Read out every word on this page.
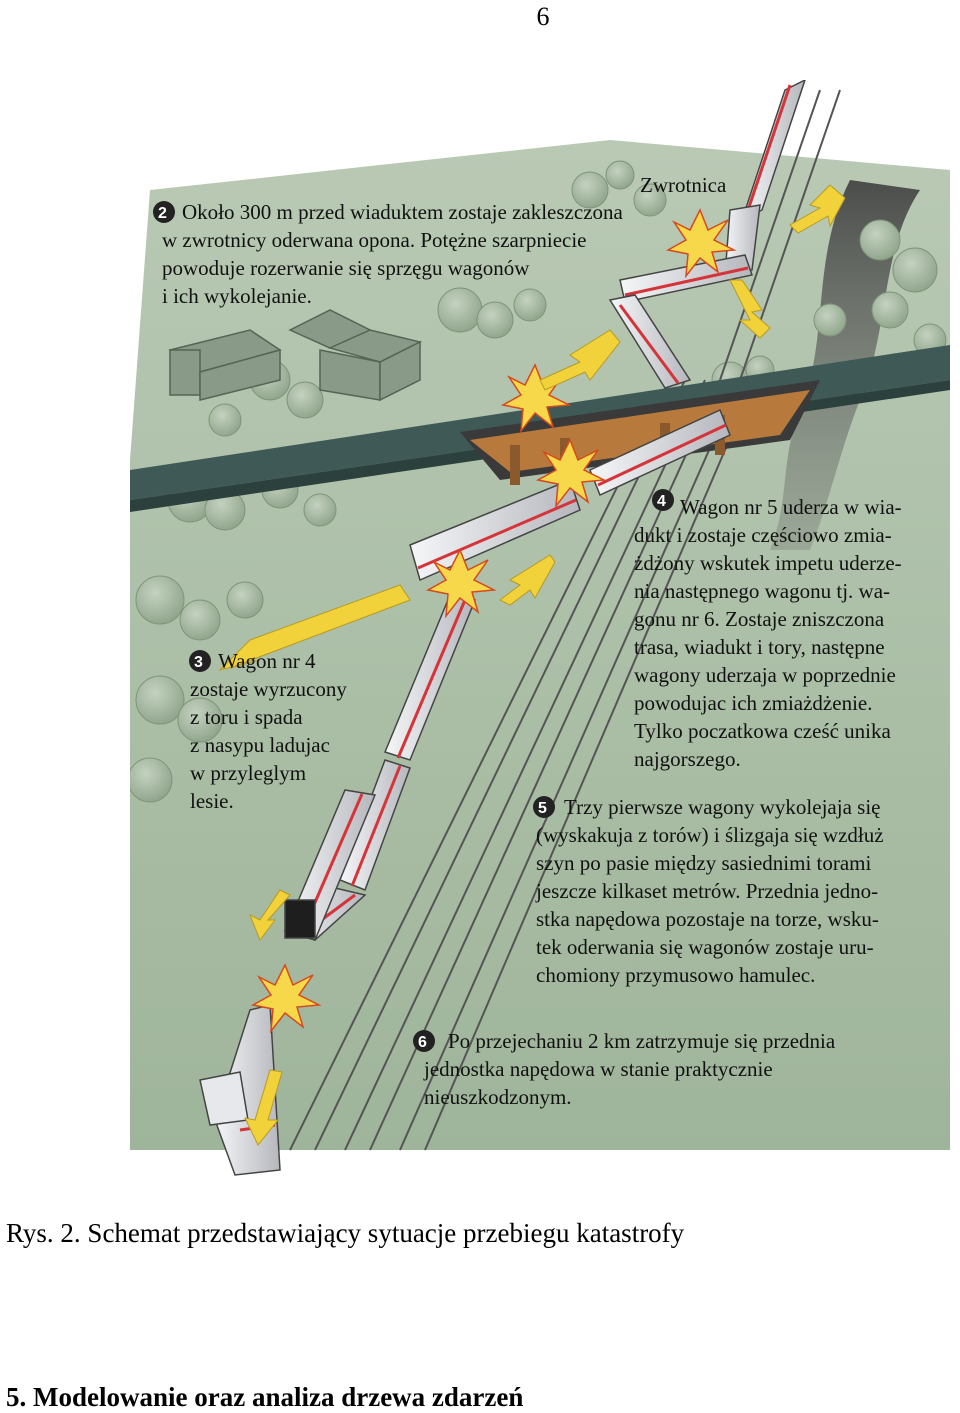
6
Zwrotnica
2 Około 300 m przed wiaduktem zostaje zakleszczona
w zwrotnicy oderwana opona. Potężne szarpniecie
powoduje rozerwanie się sprzęgu wagonów
i ich wykolejanie.
3 Wagon nr 4
zostaje wyrzucony
z toru i spada
z nasypu ladujac
w przyleglym
lesie.
4 Wagon nr 5 uderza w wia-
dukt i zostaje częściowo zmia-
żdżony wskutek impetu uderze-
nia następnego wagonu tj. wa-
gonu nr 6. Zostaje zniszczona
trasa, wiadukt i tory, następne
wagony uderzaja w poprzednie
powodujac ich zmiażdżenie.
Tylko poczatkowa cześć unika
najgorszego.
5 Trzy pierwsze wagony wykolejaja się
(wyskakuja z torów) i ślizgaja się wzdłuż
szyn po pasie między sasiednimi torami
jeszcze kilkaset metrów. Przednia jedno-
stka napędowa pozostaje na torze, wsku-
tek oderwania się wagonów zostaje uru-
chomiony przymusowo hamulec.
6 Po przejechaniu 2 km zatrzymuje się przednia
jednostka napędowa w stanie praktycznie
nieuszkodzonym.
Rys. 2. Schemat przedstawiający sytuacje przebiegu katastrofy
5. Modelowanie oraz analiza drzewa zdarzeń
